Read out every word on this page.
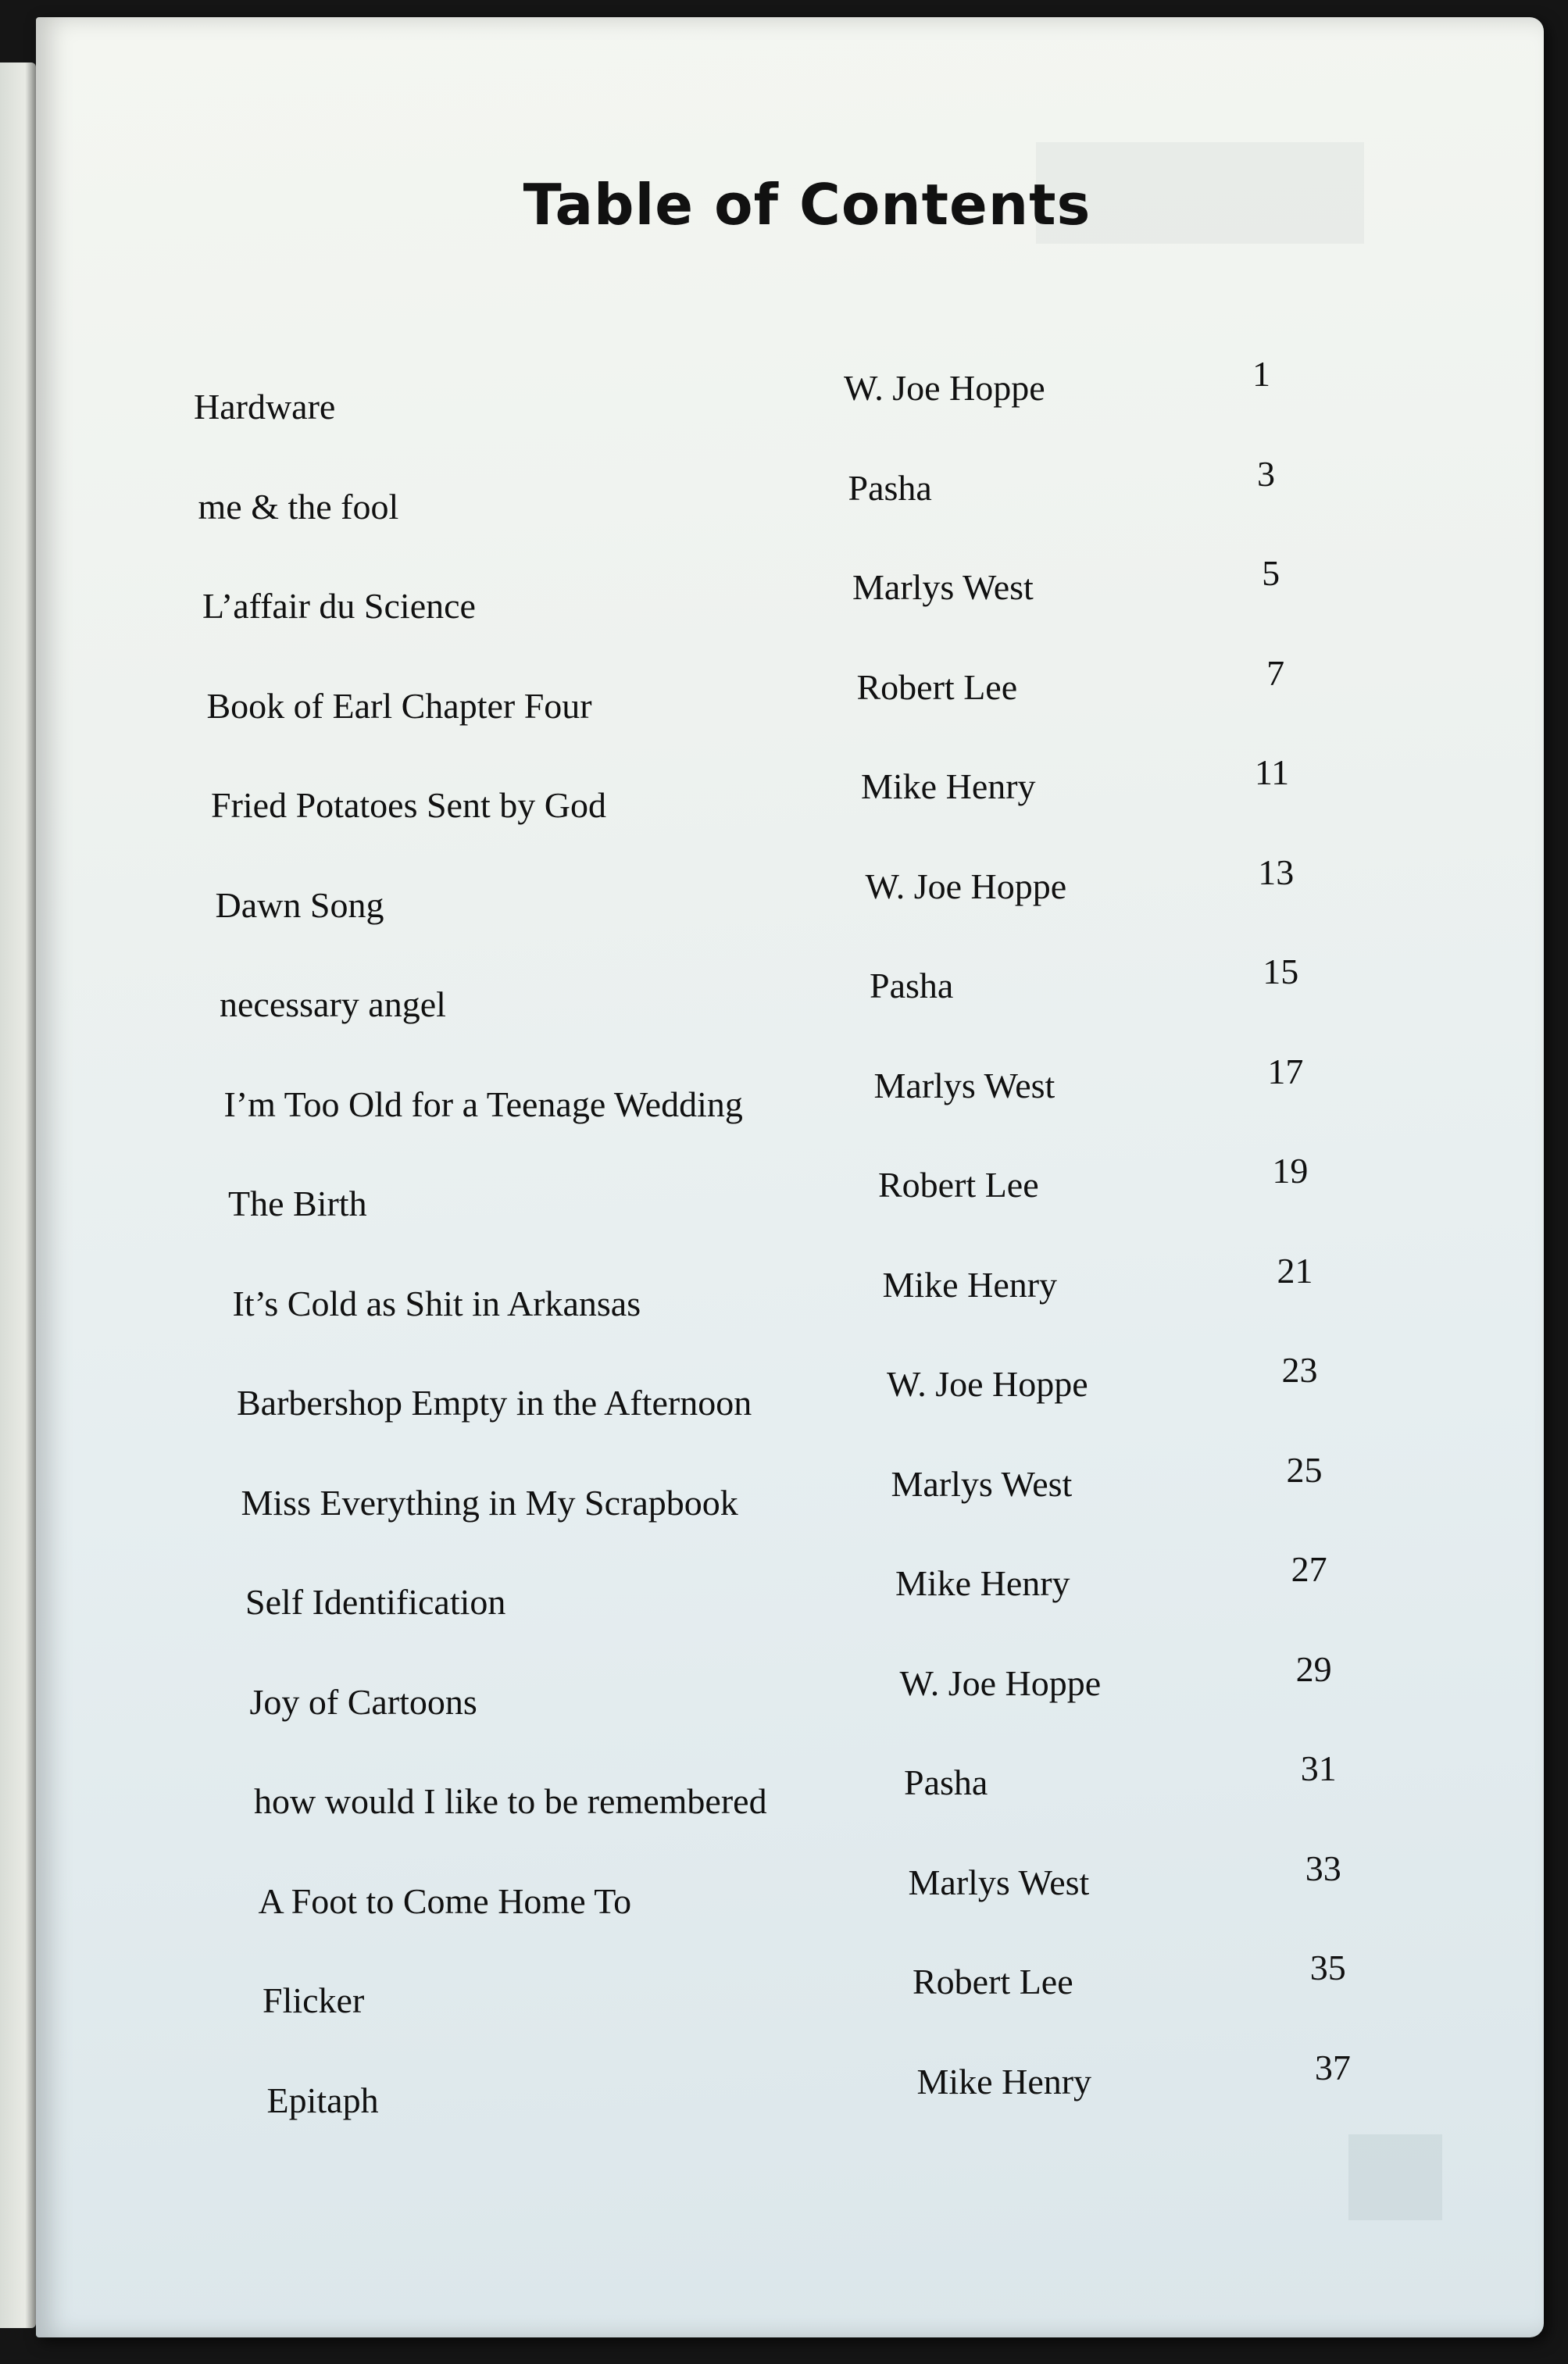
Table of Contents
Hardware	W. Joe Hoppe	1
me & the fool	Pasha	3
L’affair du Science	Marlys West	5
Book of Earl Chapter Four	Robert Lee	7
Fried Potatoes Sent by God	Mike Henry	11
Dawn Song	W. Joe Hoppe	13
necessary angel	Pasha	15
I’m Too Old for a Teenage Wedding	Marlys West	17
The Birth	Robert Lee	19
It’s Cold as Shit in Arkansas	Mike Henry	21
Barbershop Empty in the Afternoon	W. Joe Hoppe	23
Miss Everything in My Scrapbook	Marlys West	25
Self Identification	Mike Henry	27
Joy of Cartoons	W. Joe Hoppe	29
how would I like to be remembered	Pasha	31
A Foot to Come Home To	Marlys West	33
Flicker	Robert Lee	35
Epitaph	Mike Henry	37
